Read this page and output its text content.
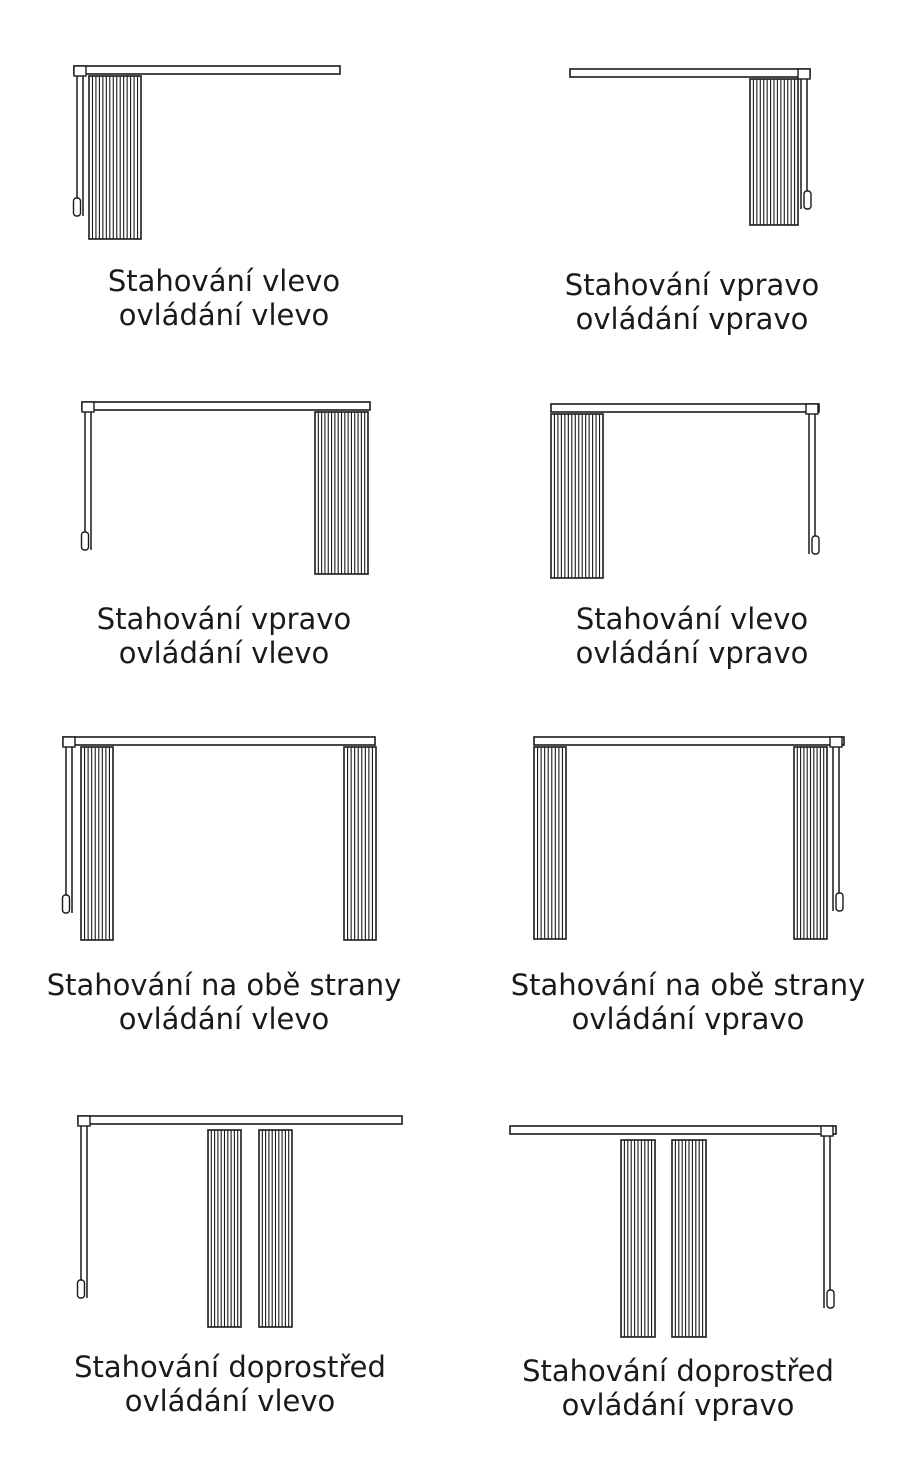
Stahování vlevo
ovládání vlevo
Stahování vpravo
ovládání vpravo
Stahování vpravo
ovládání vlevo
Stahování vlevo
ovládání vpravo
Stahování na obě strany
ovládání vlevo
Stahování na obě strany
ovládání vpravo
Stahování doprostřed
ovládání vlevo
Stahování doprostřed
ovládání vpravo
